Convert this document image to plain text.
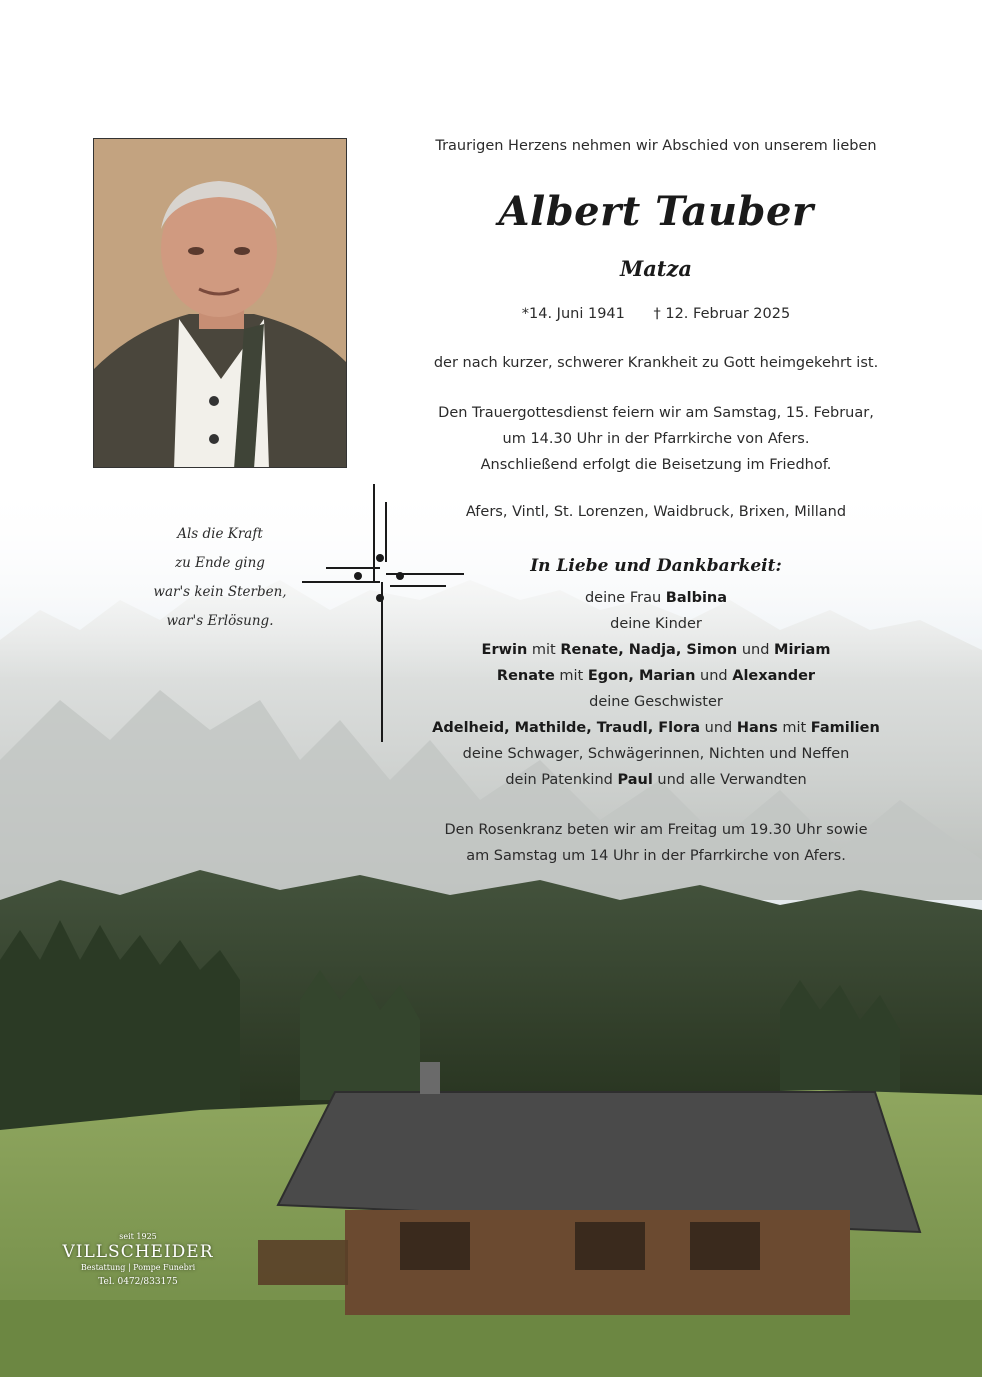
Traurigen Herzens nehmen wir Abschied von unserem lieben
Albert Tauber
Matza
*14. Juni 1941 † 12. Februar 2025
der nach kurzer, schwerer Krankheit zu Gott heimgekehrt ist.

Den Trauergottesdienst feiern wir am Samstag, 15. Februar,

um 14.30 Uhr in der Pfarrkirche von Afers.

Anschließend erfolgt die Beisetzung im Friedhof.

Afers, Vintl, St. Lorenzen, Waidbruck, Brixen, Milland
In Liebe und Dankbarkeit:

deine Frau Balbina

deine Kinder

Erwin mit Renate, Nadja, Simon und Miriam

Renate mit Egon, Marian und Alexander

deine Geschwister

Adelheid, Mathilde, Traudl, Flora und Hans mit Familien

deine Schwager, Schwägerinnen, Nichten und Neffen

dein Patenkind Paul und alle Verwandten

Den Rosenkranz beten wir am Freitag um 19.30 Uhr sowie

am Samstag um 14 Uhr in der Pfarrkirche von Afers.

Als die Kraft
zu Ende ging
war's kein Sterben,
war's Erlösung.
seit 1925
VILLSCHEIDER
Bestattung | Pompe Funebri
Tel. 0472/833175
